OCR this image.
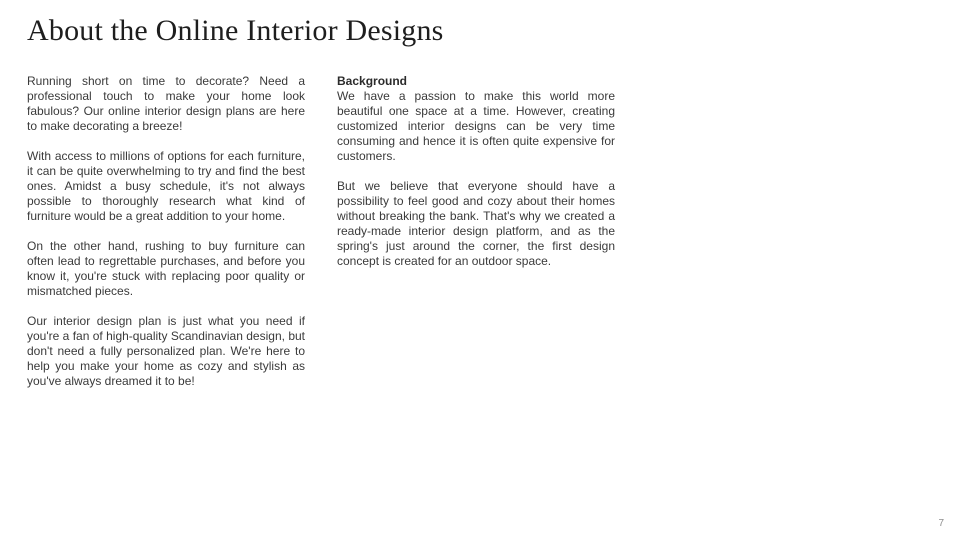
About the Online Interior Designs

Running short on time to decorate? Need a professional touch to make your home look fabulous? Our online interior design plans are here to make decorating a breeze!

With access to millions of options for each furniture, it can be quite overwhelming to try and find the best ones. Amidst a busy schedule, it's not always possible to thoroughly research what kind of furniture would be a great addition to your home.

On the other hand, rushing to buy furniture can often lead to regrettable purchases, and before you know it, you're stuck with replacing poor quality or mismatched pieces.

Our interior design plan is just what you need if you're a fan of high-quality Scandinavian design, but don't need a fully personalized plan. We're here to help you make your home as cozy and stylish as you've always dreamed it to be!

Background

We have a passion to make this world more beautiful one space at a time. However, creating customized interior designs can be very time consuming and hence it is often quite expensive for customers.

But we believe that everyone should have a possibility to feel good and cozy about their homes without breaking the bank. That's why we created a ready-made interior design platform, and as the spring's just around the corner, the first design concept is created for an outdoor space.

7
